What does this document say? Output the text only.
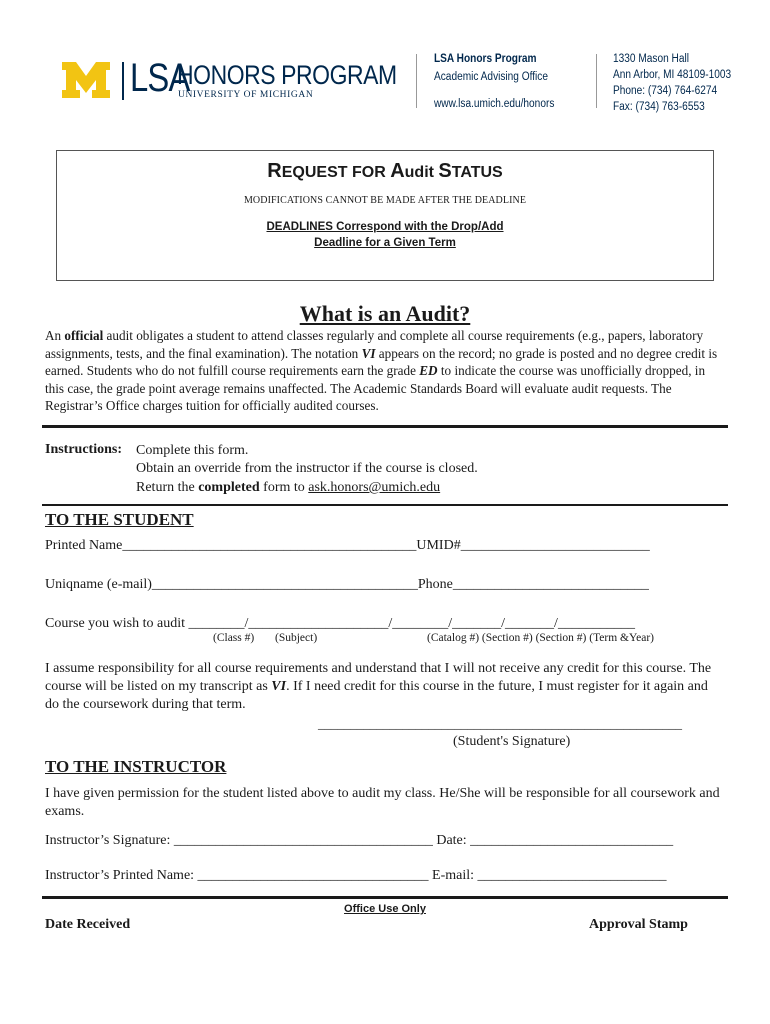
LSA
HONORS PROGRAM
UNIVERSITY OF MICHIGAN
LSA Honors Program
Academic Advising Office
www.lsa.umich.edu/honors
1330 Mason Hall
Ann Arbor, MI 48109-1003
Phone: (734) 764-6274
Fax: (734) 763-6553
REQUEST FOR Audit STATUS
MODIFICATIONS CANNOT BE MADE AFTER THE DEADLINE
DEADLINES Correspond with the Drop/Add
Deadline for a Given Term
What is an Audit?
An official audit obligates a student to attend classes regularly and complete all course requirements (e.g., papers, laboratory assignments, tests, and the final examination). The notation VI appears on the record; no grade is posted and no degree credit is earned. Students who do not fulfill course requirements earn the grade ED to indicate the course was unofficially dropped, in this case, the grade point average remains unaffected. The Academic Standards Board will evaluate audit requests. The Registrar’s Office charges tuition for officially audited courses.
Instructions: Complete this form.
Obtain an override from the instructor if the course is closed.
Return the completed form to ask.honors@umich.edu
TO THE STUDENT
Printed Name__________________________________________UMID#___________________________
Uniqname (e-mail)______________________________________Phone____________________________
Course you wish to audit ________/____________________/________/_______/_______/___________
(Class #) (Subject)	(Catalog #) (Section #) (Section #) (Term &Year)
I assume responsibility for all course requirements and understand that I will not receive any credit for this course. The course will be listed on my transcript as VI. If I need credit for this course in the future, I must register for it again and do the coursework during that term.
________________________________________________________
(Student's Signature)
TO THE INSTRUCTOR
I have given permission for the student listed above to audit my class. He/She will be responsible for all coursework and exams.
Instructor’s Signature: _____________________________________ Date: _____________________________
Instructor’s Printed Name: _________________________________ E-mail: ___________________________
Office Use Only
Date Received	Approval Stamp
